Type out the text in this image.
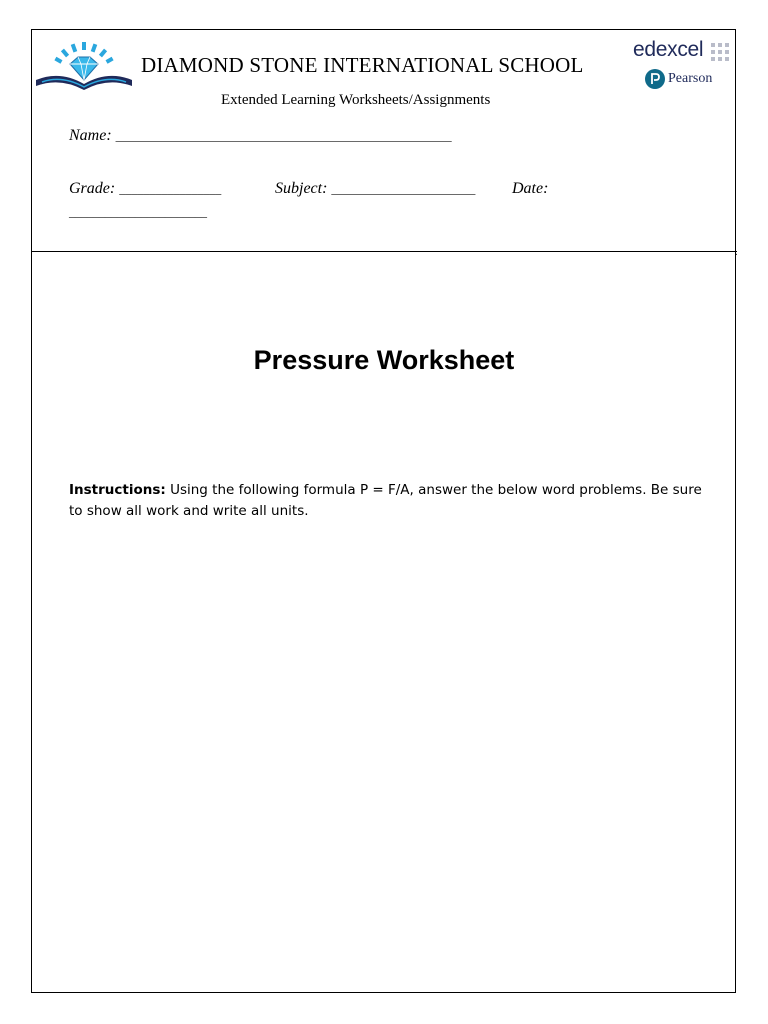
.
DIAMOND STONE INTERNATIONAL SCHOOL
Extended Learning Worksheets/Assignments
edexcel
Pearson
Name: ________________________________________________________
Grade: _________________	Subject: ________________________ Date:
_______________________
Pressure Worksheet
Instructions: Using the following formula P = F/A, answer the below word problems. Be sure to show all work and write all units.
